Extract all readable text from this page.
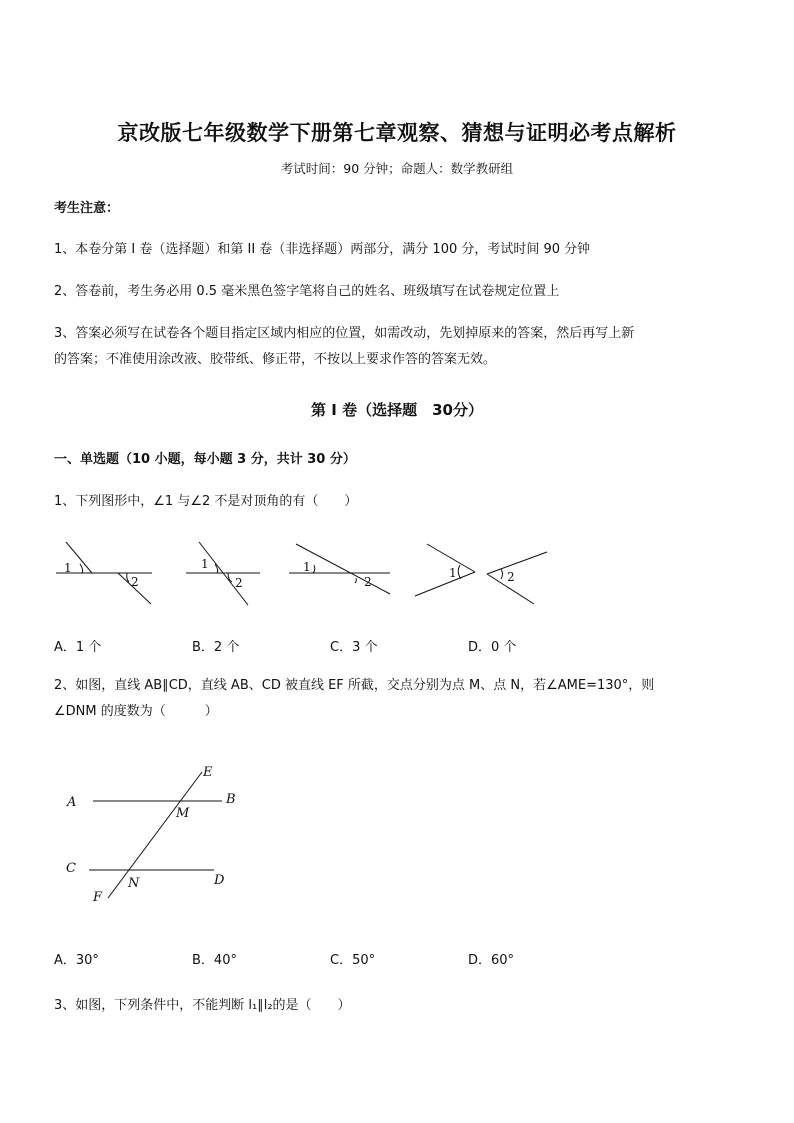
京改版七年级数学下册第七章观察、猜想与证明必考点解析
考试时间：90 分钟；命题人：数学教研组
考生注意：
1、本卷分第 I 卷（选择题）和第 II 卷（非选择题）两部分，满分 100 分，考试时间 90 分钟
2、答卷前，考生务必用 0.5 毫米黑色签字笔将自己的姓名、班级填写在试卷规定位置上
3、答案必须写在试卷各个题目指定区域内相应的位置，如需改动，先划掉原来的答案，然后再写上新
的答案；不准使用涂改液、胶带纸、修正带，不按以上要求作答的答案无效。
第 I 卷（选择题　30分）
一、单选题（10 小题，每小题 3 分，共计 30 分）
1、下列图形中，∠1 与∠2 不是对顶角的有（　　）
1
2
1
2
1
2
1	2
A．1 个	B．2 个	C．3 个	D．0 个
2、如图，直线 AB∥CD，直线 AB、CD 被直线 EF 所截，交点分别为点 M、点 N，若∠AME=130°，则
∠DNM 的度数为（　　　）
E
A	B
M
C
N	D
F
A．30°	B．40°	C．50°	D．60°
3、如图，下列条件中，不能判断 l₁∥l₂的是（　　）
